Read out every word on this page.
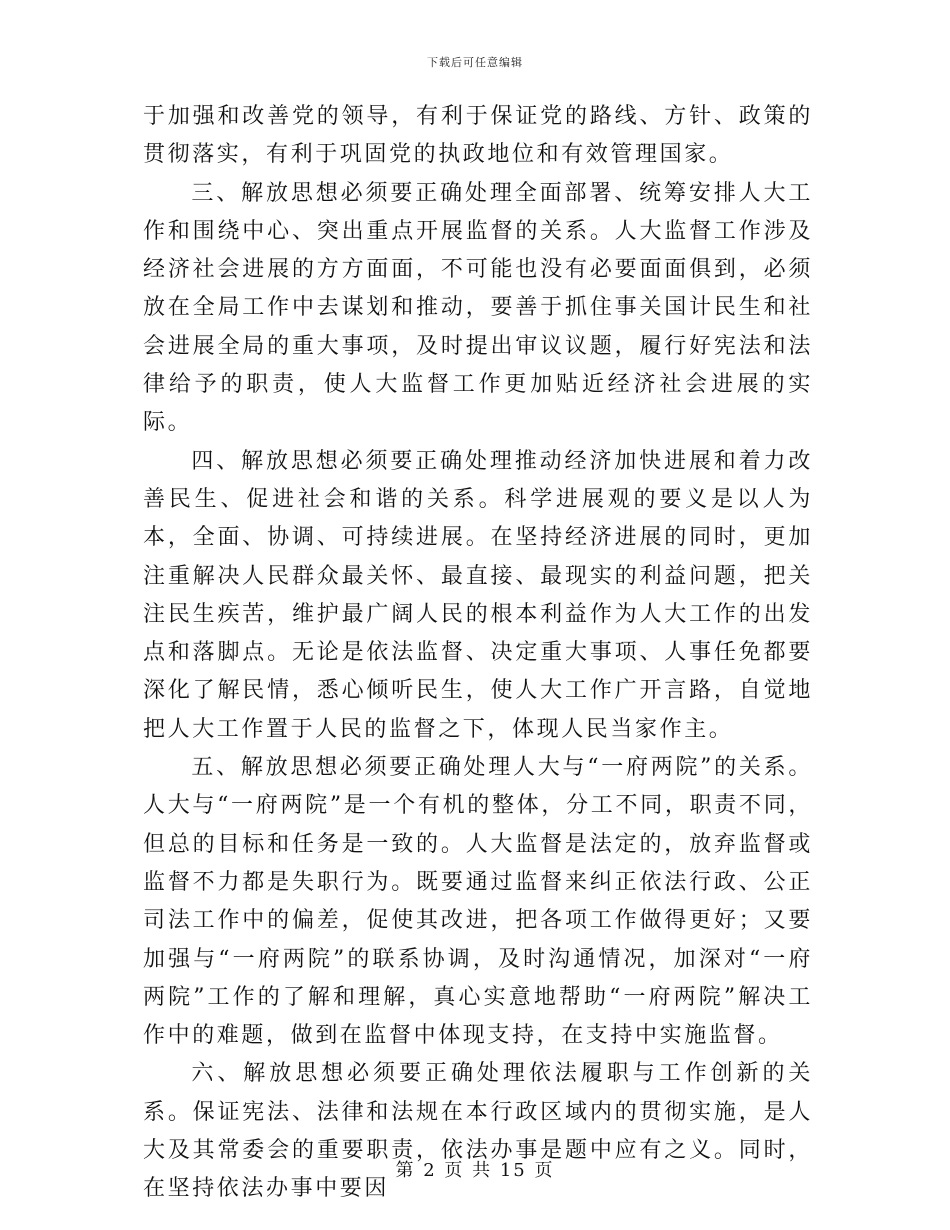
下载后可任意编辑

于加强和改善党的领导，有利于保证党的路线、方针、政策的贯彻落实，有利于巩固党的执政地位和有效管理国家。

三、解放思想必须要正确处理全面部署、统筹安排人大工作和围绕中心、突出重点开展监督的关系。人大监督工作涉及经济社会进展的方方面面，不可能也没有必要面面俱到，必须放在全局工作中去谋划和推动，要善于抓住事关国计民生和社会进展全局的重大事项，及时提出审议议题，履行好宪法和法律给予的职责，使人大监督工作更加贴近经济社会进展的实际。

四、解放思想必须要正确处理推动经济加快进展和着力改善民生、促进社会和谐的关系。科学进展观的要义是以人为本，全面、协调、可持续进展。在坚持经济进展的同时，更加注重解决人民群众最关怀、最直接、最现实的利益问题，把关注民生疾苦，维护最广阔人民的根本利益作为人大工作的出发点和落脚点。无论是依法监督、决定重大事项、人事任免都要深化了解民情，悉心倾听民生，使人大工作广开言路，自觉地把人大工作置于人民的监督之下，体现人民当家作主。

五、解放思想必须要正确处理人大与“一府两院”的关系。人大与“一府两院”是一个有机的整体，分工不同，职责不同，但总的目标和任务是一致的。人大监督是法定的，放弃监督或监督不力都是失职行为。既要通过监督来纠正依法行政、公正司法工作中的偏差，促使其改进，把各项工作做得更好；又要加强与“一府两院”的联系协调，及时沟通情况，加深对“一府两院”工作的了解和理解，真心实意地帮助“一府两院”解决工作中的难题，做到在监督中体现支持，在支持中实施监督。

六、解放思想必须要正确处理依法履职与工作创新的关系。保证宪法、法律和法规在本行政区域内的贯彻实施，是人大及其常委会的重要职责，依法办事是题中应有之义。同时，在坚持依法办事中要因

第 2 页 共 15 页
